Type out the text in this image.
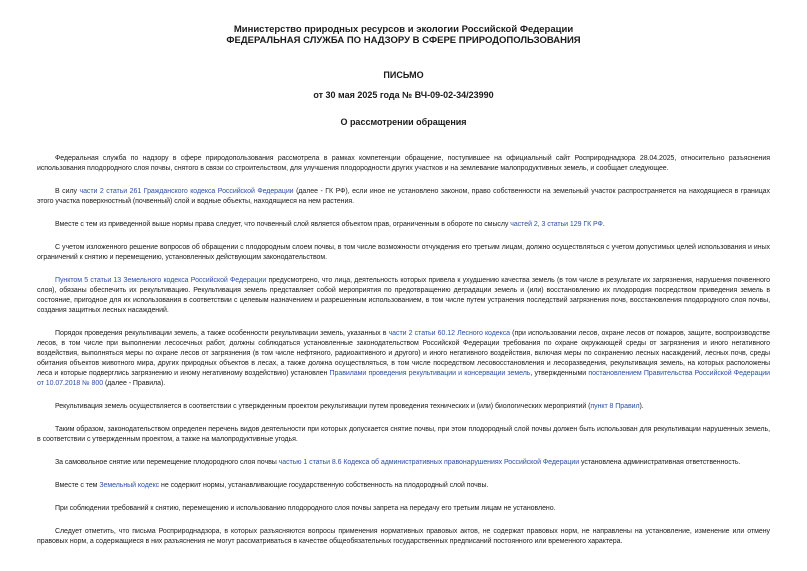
Министерство природных ресурсов и экологии Российской Федерации

ФЕДЕРАЛЬНАЯ СЛУЖБА ПО НАДЗОРУ В СФЕРЕ ПРИРОДОПОЛЬЗОВАНИЯ

ПИСЬМО
от 30 мая 2025 года № ВЧ-09-02-34/23990
О рассмотрении обращения

Федеральная служба по надзору в сфере природопользования рассмотрела в рамках компетенции обращение, поступившее на официальный сайт Росприроднадзора 28.04.2025, относительно разъяснения использования плодородного слоя почвы, снятого в связи со строительством, для улучшения плодородности других участков и на землевание малопродуктивных земель, и сообщает следующее.

В силу части 2 статьи 261 Гражданского кодекса Российской Федерации (далее - ГК РФ), если иное не установлено законом, право собственности на земельный участок распространяется на находящиеся в границах этого участка поверхностный (почвенный) слой и водные объекты, находящиеся на нем растения.

Вместе с тем из приведенной выше нормы права следует, что почвенный слой является объектом прав, ограниченным в обороте по смыслу частей 2, 3 статьи 129 ГК РФ.

С учетом изложенного решение вопросов об обращении с плодородным слоем почвы, в том числе возможности отчуждения его третьим лицам, должно осуществляться с учетом допустимых целей использования и иных ограничений к снятию и перемещению, установленных действующим законодательством.

Пунктом 5 статьи 13 Земельного кодекса Российской Федерации предусмотрено, что лица, деятельность которых привела к ухудшению качества земель (в том числе в результате их загрязнения, нарушения почвенного слоя), обязаны обеспечить их рекультивацию. Рекультивация земель представляет собой мероприятия по предотвращению деградации земель и (или) восстановлению их плодородия посредством приведения земель в состояние, пригодное для их использования в соответствии с целевым назначением и разрешенным использованием, в том числе путем устранения последствий загрязнения почв, восстановления плодородного слоя почвы, создания защитных лесных насаждений.

Порядок проведения рекультивации земель, а также особенности рекультивации земель, указанных в части 2 статьи 60.12 Лесного кодекса (при использовании лесов, охране лесов от пожаров, защите, воспроизводстве лесов, в том числе при выполнении лесосечных работ, должны соблюдаться установленные законодательством Российской Федерации требования по охране окружающей среды от загрязнения и иного негативного воздействия, выполняться меры по охране лесов от загрязнения (в том числе нефтяного, радиоактивного и другого) и иного негативного воздействия, включая меры по сохранению лесных насаждений, лесных почв, среды обитания объектов животного мира, других природных объектов в лесах, а также должна осуществляться, в том числе посредством лесовосстановления и лесоразведения, рекультивация земель, на которых расположены леса и которые подверглись загрязнению и иному негативному воздействию) установлен Правилами проведения рекультивации и консервации земель, утвержденными постановлением Правительства Российской Федерации от 10.07.2018 № 800 (далее - Правила).

Рекультивация земель осуществляется в соответствии с утвержденным проектом рекультивации путем проведения технических и (или) биологических мероприятий (пункт 8 Правил).

Таким образом, законодательством определен перечень видов деятельности при которых допускается снятие почвы, при этом плодородный слой почвы должен быть использован для рекультивации нарушенных земель, в соответствии с утвержденным проектом, а также на малопродуктивные угодья.

За самовольное снятие или перемещение плодородного слоя почвы частью 1 статьи 8.6 Кодекса об административных правонарушениях Российской Федерации установлена административная ответственность.

Вместе с тем Земельный кодекс не содержит нормы, устанавливающие государственную собственность на плодородный слой почвы.

При соблюдении требований к снятию, перемещению и использованию плодородного слоя почвы запрета на передачу его третьим лицам не установлено.

Следует отметить, что письма Росприроднадзора, в которых разъясняются вопросы применения нормативных правовых актов, не содержат правовых норм, не направлены на установление, изменение или отмену правовых норм, а содержащиеся в них разъяснения не могут рассматриваться в качестве общеобязательных государственных предписаний постоянного или временного характера.
